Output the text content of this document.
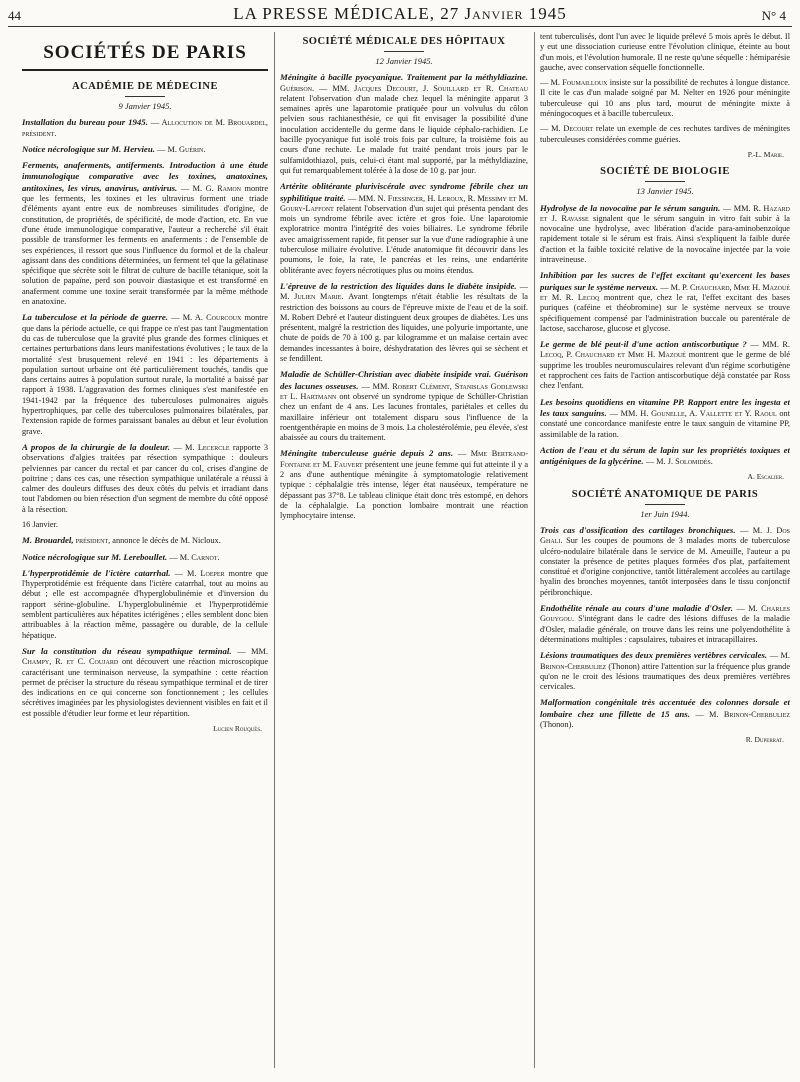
44	LA PRESSE MÉDICALE, 27 Janvier 1945	N° 4
SOCIÉTÉS DE PARIS
ACADÉMIE DE MÉDECINE
9 Janvier 1945.
Installation du bureau pour 1945. — Allocution de M. Brouardel, président.
Notice nécrologique sur M. Hervieu. — M. Guérin.
Ferments, anaferments, antiferments. Introduction à une étude immunologique comparative avec les toxines, anatoxines, antitoxines, les virus, anavirus, antivirus. — M. G. Ramon montre que les ferments, les toxines et les ultravirus forment une triade d'éléments ayant entre eux de nombreuses similitudes d'origine, de constitution, de propriétés, de spécificité, de mode d'action, etc. En vue d'une étude immunologique comparative, l'auteur a recherché s'il était possible de transformer les ferments en anaferments : de l'ensemble de ses expériences, il ressort que sous l'influence du formol et de la chaleur agissant dans des conditions déterminées, un ferment tel que la gélatinase spécifique que sécrète soit le filtrat de culture de bacille tétanique, soit la solution de papaïne, perd son pouvoir diastasique et est transformé en anaferment comme une toxine serait transformée par la même méthode en anatoxine.
La tuberculose et la période de guerre. — M. A. Courcoux montre que dans la période actuelle, ce qui frappe ce n'est pas tant l'augmentation du cas de tuberculose que la gravité plus grande des formes cliniques et certaines perturbations dans leurs manifestations évolutives ; le taux de la mortalité s'est brusquement relevé en 1941 : les départements à population surtout urbaine ont été particulièrement touchés, tandis que dans certains autres à population surtout rurale, la mortalité a baissé par rapport à 1938. L'aggravation des formes cliniques s'est manifestée en 1941-1942 par la fréquence des tuberculoses pulmonaires aiguës hypertrophiques, par celle des tuberculoses pulmonaires bilatérales, par l'extension rapide de formes paraissant banales au début et leur évolution grave.
A propos de la chirurgie de la douleur. — M. Lecercle rapporte 3 observations d'algies traitées par résection sympathique : douleurs pelviennes par cancer du rectal et par cancer du col, crises d'angine de poitrine ; dans ces cas, une résection sympathique unilatérale a réussi à calmer des douleurs diffuses des deux côtés du pelvis et irradiant dans tout l'abdomen ou bien résection d'un segment de membre du côté opposé à la résection.
16 Janvier.
M. Brouardel, président, annonce le décès de M. Nicloux.
Notice nécrologique sur M. Lereboullet. — M. Carnot.
L'hyperprotidémie de l'ictère catarrhal. — M. Loeper montre que l'hyperprotidémie est fréquente dans l'ictère catarrhal, tout au moins au début ; elle est accompagnée d'hyperglobulinémie et d'inversion du rapport sérine-globuline. L'hyperglobulinémie et l'hyperprotidémie semblent particulières aux hépatites ictérigènes ; elles semblent donc bien attribuables à la réaction même, passagère ou durable, de la cellule hépatique.
Sur la constitution du réseau sympathique terminal. — MM. Champy, R. et C. Coujard ont découvert une réaction microscopique caractérisant une terminaison nerveuse, la sympathine : cette réaction permet de préciser la structure du réseau sympathique terminal et de tirer des indications en ce qui concerne son fonctionnement ; les cellules sécrétives imaginées par les physiologistes deviennent visibles en fait et il est possible d'étudier leur forme et leur répartition.
Lucien Rouquès.
SOCIÉTÉ MÉDICALE DES HÔPITAUX
12 Janvier 1945.
Méningite à bacille pyocyanique. Traitement par la méthyldiazine. Guérison. — MM. Jacques Decourt, J. Souillard et R. Chateau relatent l'observation d'un malade chez lequel la méningite apparut 3 semaines après une laparotomie pratiquée pour un volvulus du côlon pelvien sous rachianesthésie, ce qui fit envisager la possibilité d'une inoculation accidentelle du germe dans le liquide céphalo-rachidien. Le bacille pyocyanique fut isolé trois fois par culture, la troisième fois au cours d'une rechute. Le malade fut traité pendant trois jours par le sulfamidothiazol, puis, celui-ci étant mal supporté, par la méthyldiazine, qui fut remarquablement tolérée à la dose de 10 g. par jour.
Artérite oblitérante pluriviscérale avec syndrome fébrile chez un syphilitique traité. — MM. N. Fiessinger, H. Leroux, R. Messimy et M. Goury-Laffont relatent l'observation d'un sujet qui présenta pendant des mois un syndrome fébrile avec ictère et gros foie. Une laparotomie exploratrice montra l'intégrité des voies biliaires. Le syndrome fébrile avec amaigrissement rapide, fit penser sur la vue d'une radiographie à une tuberculose miliaire évolutive. L'étude anatomique fit découvrir dans les poumons, le foie, la rate, le pancréas et les reins, une endartérite oblitérante avec foyers nécrotiques plus ou moins étendus.
L'épreuve de la restriction des liquides dans le diabète insipide. — M. Julien Marie. Avant longtemps n'était établie les résultats de la restriction des boissons au cours de l'épreuve mixte de l'eau et de la soif. M. Robert Debré et l'auteur distinguent deux groupes de diabètes. Les uns présentent, malgré la restriction des liquides, une polyurie importante, une chute de poids de 70 à 100 g. par kilogramme et un malaise certain avec demandes incessantes à boire, déshydratation des lèvres qui se sèchent et se fendillent.
Maladie de Schüller-Christian avec diabète insipide vrai. Guérison des lacunes osseuses. — MM. Robert Clément, Stanislas Godlewski et L. Hartmann ont observé un syndrome typique de Schüller-Christian chez un enfant de 4 ans. Les lacunes frontales, pariétales et celles du maxillaire inférieur ont totalement disparu sous l'influence de la roentgenthérapie en moins de 3 mois. La cholestérolémie, peu élevée, s'est abaissée au cours du traitement.
Méningite tuberculeuse guérie depuis 2 ans. — Mme Bertrand-Fontaine et M. Fauvert présentent une jeune femme qui fut atteinte il y a 2 ans d'une authentique méningite à symptomatologie relativement typique : céphalalgie très intense, léger état nauséeux, température ne dépassant pas 37°8. Le tableau clinique était donc très estompé, en dehors de la céphalalgie. La ponction lombaire montrait une réaction lymphocytaire intense.
tent tuberculisés, dont l'un avec le liquide prélevé 5 mois après le début. Il y eut une dissociation curieuse entre l'évolution clinique, éteinte au bout d'un mois, et l'évolution humorale. Il ne reste qu'une séquelle : hémiparésie gauche, avec conservation séquelle fonctionnelle.
— M. Foumailloux insiste sur la possibilité de rechutes à longue distance. Il cite le cas d'un malade soigné par M. Nelter en 1926 pour méningite tuberculeuse qui 10 ans plus tard, mourut de méningite mixte à méningocoques et à bacille tuberculeux.
— M. Decourt relate un exemple de ces rechutes tardives de méningites tuberculeuses considérées comme guéries.
P.-L. Marie.
SOCIÉTÉ DE BIOLOGIE
13 Janvier 1945.
Hydrolyse de la novocaïne par le sérum sanguin. — MM. R. Hazard et J. Ravasse signalent que le sérum sanguin in vitro fait subir à la novocaïne une hydrolyse, avec libération d'acide para-aminobenzoïque rapidement totale si le sérum est frais. Ainsi s'expliquent la faible durée d'action et la faible toxicité relative de la novocaïne injectée par la voie intraveineuse.
Inhibition par les sucres de l'effet excitant qu'exercent les bases puriques sur le système nerveux. — M. P. Chauchard, Mme H. Mazoué et M. R. Lecoq montrent que, chez le rat, l'effet excitant des bases puriques (caféine et théobromine) sur le système nerveux se trouve spécifiquement compensé par l'administration buccale ou parentérale de lactose, saccharose, glucose et glycose.
Le germe de blé peut-il d'une action antiscorbutique ? — MM. R. Lecoq, P. Chauchard et Mme H. Mazoué montrent que le germe de blé supprime les troubles neuromusculaires relevant d'un régime scorbutigène et rapprochent ces faits de l'action antiscorbutique déjà constatée par Ross chez l'enfant.
Les besoins quotidiens en vitamine PP. Rapport entre les ingesta et les taux sanguins. — MM. H. Gounelle, A. Vallette et Y. Raoul ont constaté une concordance manifeste entre le taux sanguin de vitamine PP, assimilable de la ration.
Action de l'eau et du sérum de lapin sur les propriétés toxiques et antigéniques de la glycérine. — M. J. Solomidès.
A. Escalier.
SOCIÉTÉ ANATOMIQUE DE PARIS
1er Juin 1944.
Trois cas d'ossification des cartilages bronchiques. — M. J. Dos Ghali. Sur les coupes de poumons de 3 malades morts de tuberculose ulcéro-nodulaire bilatérale dans le service de M. Ameuille, l'auteur a pu constater la présence de petites plaques formées d'os plat, parfaitement constitué et d'origine conjonctive, tantôt littéralement accolées au cartilage hyalin des bronches moyennes, tantôt interposées dans le tissu conjonctif péribronchique.
Endothélite rénale au cours d'une maladie d'Osler. — M. Charles Gouygou. S'intégrant dans le cadre des lésions diffuses de la maladie d'Osler, maladie générale, on trouve dans les reins une polyendothélite à déterminations multiples : capsulaires, tubaires et intracapillaires.
Lésions traumatiques des deux premières vertèbres cervicales. — M. Brinon-Cherbuliez (Thonon) attire l'attention sur la fréquence plus grande qu'on ne le croit des lésions traumatiques des deux premières vertèbres cervicales.
Malformation congénitale très accentuée des colonnes dorsale et lombaire chez une fillette de 15 ans. — M. Brinon-Cherbuliez (Thonon).
R. Duperrat.
